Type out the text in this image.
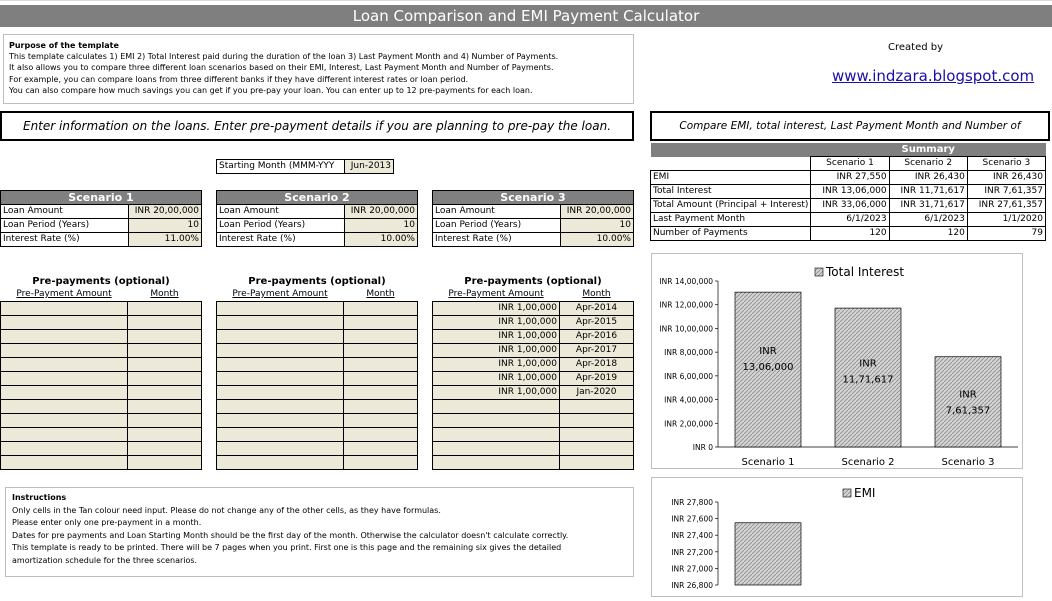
Loan Comparison and EMI Payment Calculator
Purpose of the template
This template calculates 1) EMI 2) Total Interest paid during the duration of the loan 3) Last Payment Month and 4) Number of Payments.
It also allows you to compare three different loan scenarios based on their EMI, Interest, Last Payment Month and Number of Payments.
For example, you can compare loans from three different banks if they have different interest rates or loan period.
You can also compare how much savings you can get if you pre-pay your loan. You can enter up to 12 pre-payments for each loan.
Created by
www.indzara.blogspot.com
Enter information on the loans. Enter pre-payment details if you are planning to pre-pay the loan.	Compare EMI, total interest, Last Payment Month and Number of
Starting Month (MMM-YYY	Jun-2013
Scenario 1	
Loan Amount	INR 20,00,000
Loan Period (Years)	10
Interest Rate (%)	11.00%
Scenario 2	
Loan Amount	INR 20,00,000
Loan Period (Years)	10
Interest Rate (%)	10.00%
Scenario 3	
Loan Amount	INR 20,00,000
Loan Period (Years)	10
Interest Rate (%)	10.00%
Pre-payments (optional)	
Pre-Payment Amount	Month

Pre-payments (optional)	
Pre-Payment Amount	Month

Pre-payments (optional)	
Pre-Payment Amount	Month
INR 1,00,000	Apr-2014
INR 1,00,000	Apr-2015
INR 1,00,000	Apr-2016
INR 1,00,000	Apr-2017
INR 1,00,000	Apr-2018
INR 1,00,000	Apr-2019
INR 1,00,000	Jan-2020

	Summary		
	Scenario 1	Scenario 2	Scenario 3
EMI	INR 27,550	INR 26,430	INR 26,430
Total Interest	INR 13,06,000	INR 11,71,617	INR 7,61,357
Total Amount (Principal + Interest)	INR 33,06,000	INR 31,71,617	INR 27,61,357
Last Payment Month	6/1/2023	6/1/2023	1/1/2020
Number of Payments	120	120	79
Total Interest
INR 14,00,000
INR 12,00,000
INR 10,00,000
INR 8,00,000
INR 6,00,000
INR 4,00,000
INR 2,00,000
INR 0
Scenario 1
INR
13,06,000
Scenario 2
INR
11,71,617
Scenario 3
INR
7,61,357
EMI
INR 27,800
INR 27,600
INR 27,400
INR 27,200
INR 27,000
INR 26,800
Instructions
Only cells in the Tan colour need input. Please do not change any of the other cells, as they have formulas.
Please enter only one pre-payment in a month.
Dates for pre payments and Loan Starting Month should be the first day of the month. Otherwise the calculator doesn't calculate correctly.
This template is ready to be printed. There will be 7 pages when you print. First one is this page and the remaining six gives the detailed
amortization schedule for the three scenarios.
